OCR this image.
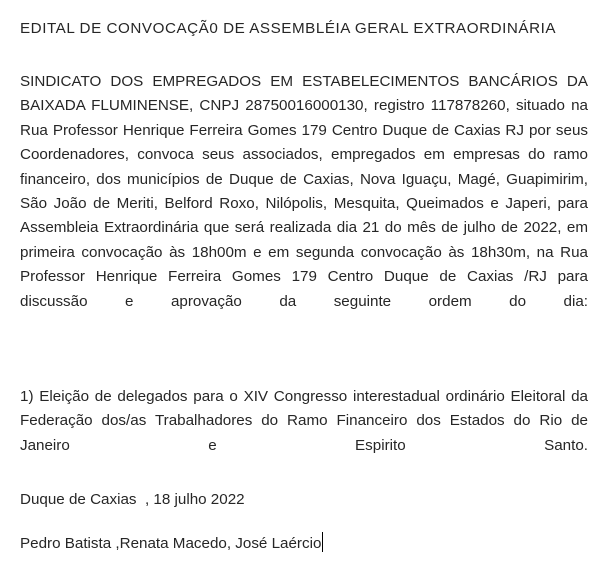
EDITAL DE CONVOCAÇÃ0 DE ASSEMBLÉIA GERAL EXTRAORDINÁRIA
SINDICATO DOS EMPREGADOS EM ESTABELECIMENTOS BANCÁRIOS DA BAIXADA FLUMINENSE, CNPJ 28750016000130, registro 117878260, situado na Rua Professor Henrique Ferreira Gomes 179 Centro Duque de Caxias RJ por seus Coordenadores, convoca seus associados, empregados em empresas do ramo financeiro, dos municípios de Duque de Caxias, Nova Iguaçu, Magé, Guapimirim, São João de Meriti, Belford Roxo, Nilópolis, Mesquita, Queimados e Japeri, para Assembleia Extraordinária que será realizada dia 21 do mês de julho de 2022, em primeira convocação às 18h00m e em segunda convocação às 18h30m, na Rua Professor Henrique Ferreira Gomes 179 Centro Duque de Caxias /RJ para discussão e aprovação da seguinte ordem do dia:
1) Eleição de delegados para o XIV Congresso interestadual ordinário Eleitoral da Federação dos/as Trabalhadores do Ramo Financeiro dos Estados do Rio de Janeiro e Espirito Santo.
Duque de Caxias  , 18 julho 2022
Pedro Batista ,Renata Macedo, José Laércio
